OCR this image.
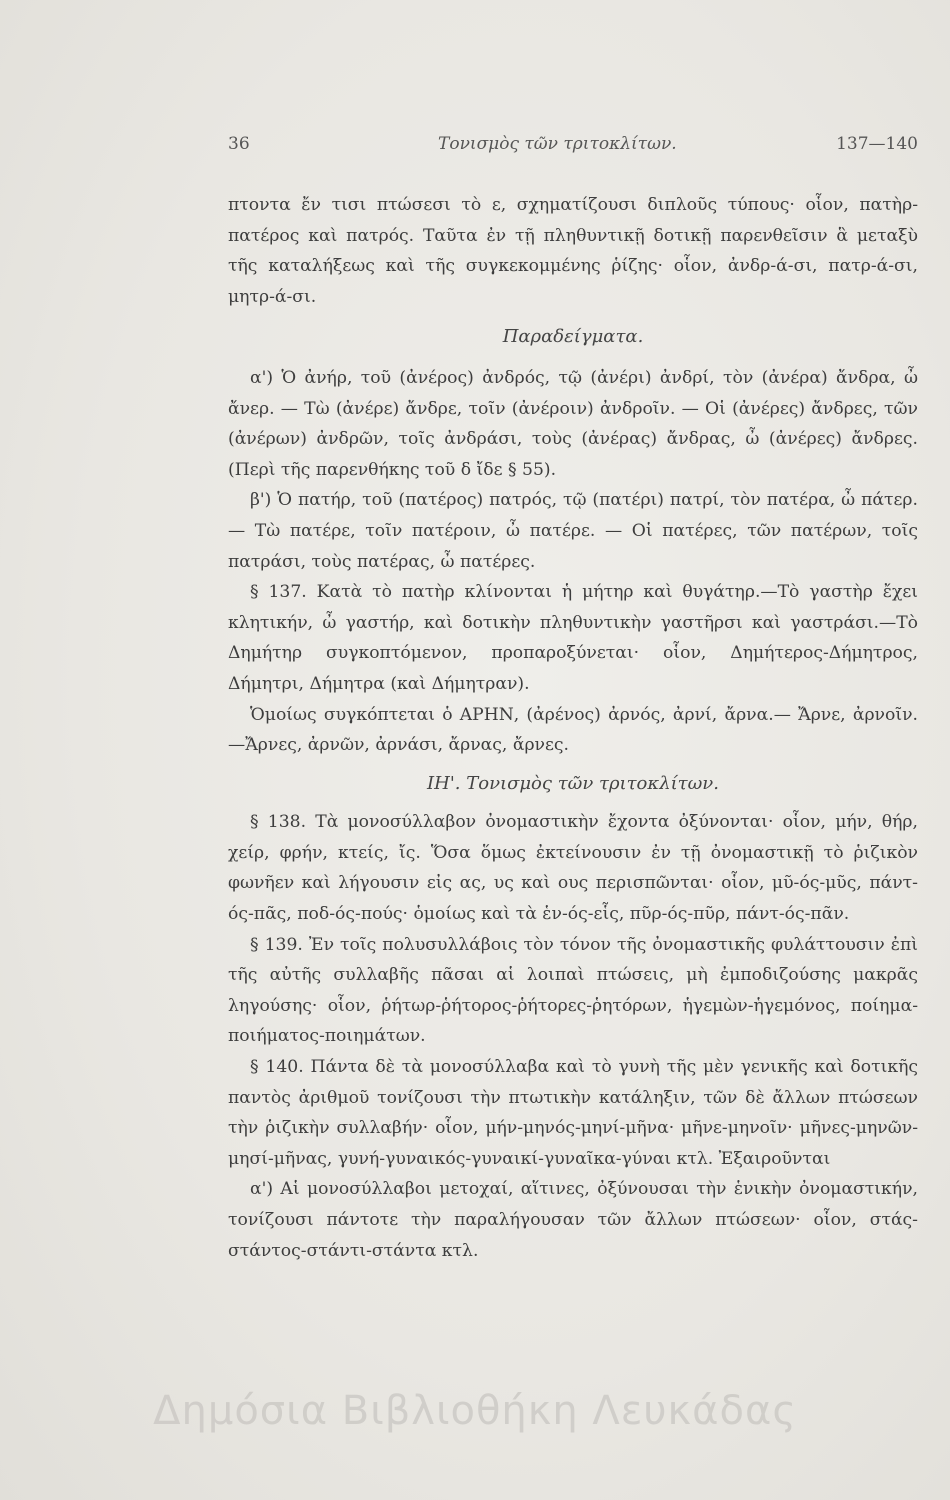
36	Τονισμὸς τῶν τριτοκλίτων.	137—140

πτοντα ἔν τισι πτώσεσι τὸ ε, σχηματίζουσι διπλοῦς τύπους· οἷον, πατὴρ-πατέρος καὶ πατρός. Ταῦτα ἐν τῇ πληθυντικῇ δοτικῇ παρενθεῖσιν ἃ μεταξὺ τῆς καταλήξεως καὶ τῆς συγκεκομμένης ῥίζης· οἷον, ἀνδρ-ά-σι, πατρ-ά-σι, μητρ-ά-σι.

Παραδείγματα.

α') Ὁ ἀνήρ, τοῦ (ἀνέρος) ἀνδρός, τῷ (ἀνέρι) ἀνδρί, τὸν (ἀνέρα) ἄνδρα, ὦ ἄνερ. — Τὼ (ἀνέρε) ἄνδρε, τοῖν (ἀνέροιν) ἀνδροῖν. — Οἱ (ἀνέρες) ἄνδρες, τῶν (ἀνέρων) ἀνδρῶν, τοῖς ἀνδράσι, τοὺς (ἀνέρας) ἄνδρας, ὦ (ἀνέρες) ἄνδρες. (Περὶ τῆς παρενθήκης τοῦ δ ἴδε § 55).

β') Ὁ πατήρ, τοῦ (πατέρος) πατρός, τῷ (πατέρι) πατρί, τὸν πατέρα, ὦ πάτερ. — Τὼ πατέρε, τοῖν πατέροιν, ὦ πατέρε. — Οἱ πατέρες, τῶν πατέρων, τοῖς πατράσι, τοὺς πατέρας, ὦ πατέρες.

§ 137. Κατὰ τὸ πατὴρ κλίνονται ἡ μήτηρ καὶ θυγάτηρ.—Τὸ γαστὴρ ἔχει κλητικήν, ὦ γαστήρ, καὶ δοτικὴν πληθυντικὴν γαστῆρσι καὶ γαστράσι.—Τὸ Δημήτηρ συγκοπτόμενον, προπαροξύνεται· οἷον, Δημήτερος-Δήμητρος, Δήμητρι, Δήμητρα (καὶ Δήμητραν).

Ὁμοίως συγκόπτεται ὁ ΑΡΗΝ, (ἀρένος) ἀρνός, ἀρνί, ἄρνα.— Ἄρνε, ἀρνοῖν.—Ἄρνες, ἀρνῶν, ἀρνάσι, ἄρνας, ἄρνες.

ΙΗ'. Τονισμὸς τῶν τριτοκλίτων.

§ 138. Τὰ μονοσύλλαβον ὀνομαστικὴν ἔχοντα ὀξύνονται· οἷον, μήν, θήρ, χείρ, φρήν, κτείς, ἴς. Ὅσα ὅμως ἐκτείνουσιν ἐν τῇ ὀνομαστικῇ τὸ ῥιζικὸν φωνῆεν καὶ λήγουσιν εἰς ας, υς καὶ ους περισπῶνται· οἷον, μῦ-ός-μῦς, πάντ-ός-πᾶς, ποδ-ός-πούς· ὁμοίως καὶ τὰ ἑν-ός-εἷς, πῦρ-ός-πῦρ, πάντ-ός-πᾶν.

§ 139. Ἐν τοῖς πολυσυλλάβοις τὸν τόνον τῆς ὀνομαστικῆς φυλάττουσιν ἐπὶ τῆς αὐτῆς συλλαβῆς πᾶσαι αἱ λοιπαὶ πτώσεις, μὴ ἐμποδιζούσης μακρᾶς ληγούσης· οἷον, ῥήτωρ-ῥήτορος-ῥήτορες-ῥητόρων, ἡγεμὼν-ἡγεμόνος, ποίημα-ποιήματος-ποιημάτων.

§ 140. Πάντα δὲ τὰ μονοσύλλαβα καὶ τὸ γυνὴ τῆς μὲν γενικῆς καὶ δοτικῆς παντὸς ἀριθμοῦ τονίζουσι τὴν πτωτικὴν κατάληξιν, τῶν δὲ ἄλλων πτώσεων τὴν ῥιζικὴν συλλαβήν· οἷον, μήν-μηνός-μηνί-μῆνα· μῆνε-μηνοῖν· μῆνες-μηνῶν-μησί-μῆνας, γυνή-γυναικός-γυναικί-γυναῖκα-γύναι κτλ. Ἐξαιροῦνται

α') Αἱ μονοσύλλαβοι μετοχαί, αἵτινες, ὀξύνουσαι τὴν ἑνικὴν ὀνομαστικήν, τονίζουσι πάντοτε τὴν παραλήγουσαν τῶν ἄλλων πτώσεων· οἷον, στάς-στάντος-στάντι-στάντα κτλ.

Δημόσια Βιβλιοθήκη Λευκάδας
